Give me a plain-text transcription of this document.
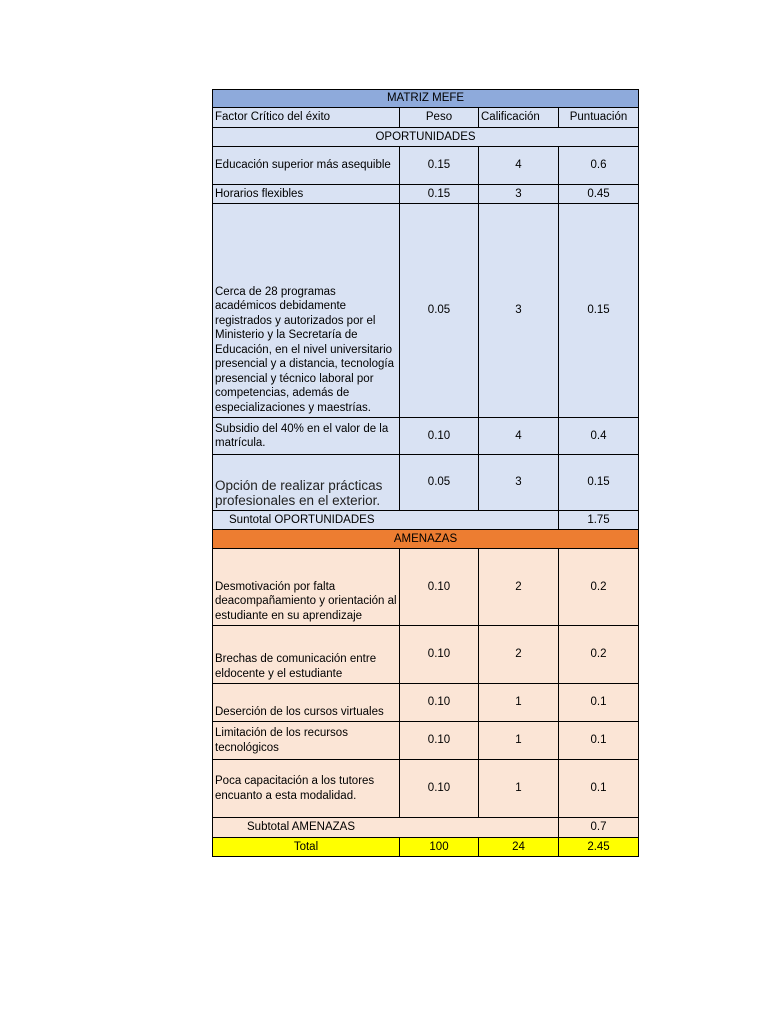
MATRIZ MEFE			
Factor Crítico del éxito	Peso	Calificación	Puntuación
OPORTUNIDADES			
Educación superior más asequible	0.15	4	0.6
Horarios flexibles	0.15	3	0.45
Cerca de 28 programas académicos debidamente registrados y autorizados por el Ministerio y la Secretaría de Educación, en el nivel universitario presencial y a distancia, tecnología presencial y técnico laboral por competencias, además de especializaciones y maestrías.	0.05	3	0.15
Subsidio del 40% en el valor de la matrícula.	0.10	4	0.4
Opción de realizar prácticas profesionales en el exterior.	0.05	3	0.15
Suntotal OPORTUNIDADES			1.75
AMENAZAS			
Desmotivación por falta deacompañamiento y orientación al estudiante en su aprendizaje	0.10	2	0.2
Brechas de comunicación entre eldocente y el estudiante	0.10	2	0.2
Deserción de los cursos virtuales	0.10	1	0.1
Limitación de los recursos tecnológicos	0.10	1	0.1
Poca capacitación a los tutores encuanto a esta modalidad.	0.10	1	0.1
Subtotal AMENAZAS			0.7
Total	100	24	2.45
